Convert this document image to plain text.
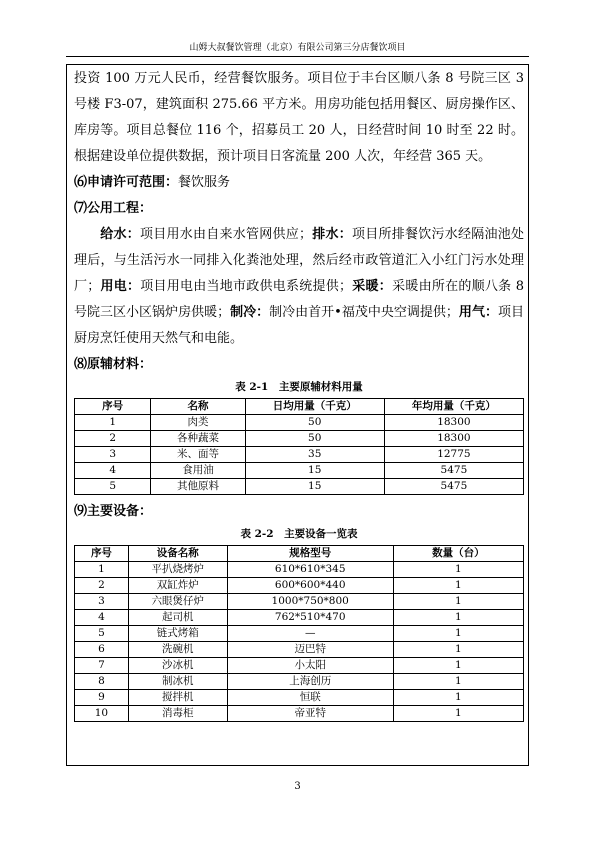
山姆大叔餐饮管理（北京）有限公司第三分店餐饮项目

投资 100 万元人民币，经营餐饮服务。项目位于丰台区顺八条 8 号院三区 3 号楼 F3-07，建筑面积 275.66 平方米。用房功能包括用餐区、厨房操作区、库房等。项目总餐位 116 个，招募员工 20 人，日经营时间 10 时至 22 时。根据建设单位提供数据，预计项目日客流量 200 人次，年经营 365 天。

⑹申请许可范围：餐饮服务

⑺公用工程：

给水：项目用水由自来水管网供应；排水：项目所排餐饮污水经隔油池处理后，与生活污水一同排入化粪池处理，然后经市政管道汇入小红门污水处理厂；用电：项目用电由当地市政供电系统提供；采暖：采暖由所在的顺八条 8 号院三区小区锅炉房供暖；制冷：制冷由首开•福茂中央空调提供；用气：项目厨房烹饪使用天然气和电能。

⑻原辅材料：

表 2-1　主要原辅材料用量
序号	名称	日均用量（千克）	年均用量（千克）
1	肉类	50	18300
2	各种蔬菜	50	18300
3	米、面等	35	12775
4	食用油	15	5475
5	其他原料	15	5475

⑼主要设备：

表 2-2　主要设备一览表
序号	设备名称	规格型号	数量（台）
1	平扒烧烤炉	610*610*345	1
2	双缸炸炉	600*600*440	1
3	六眼煲仔炉	1000*750*800	1
4	起司机	762*510*470	1
5	链式烤箱	—	1
6	洗碗机	迈巴特	1
7	沙冰机	小太阳	1
8	制冰机	上海创历	1
9	搅拌机	恒联	1
10	消毒柜	帝亚特	1
3
